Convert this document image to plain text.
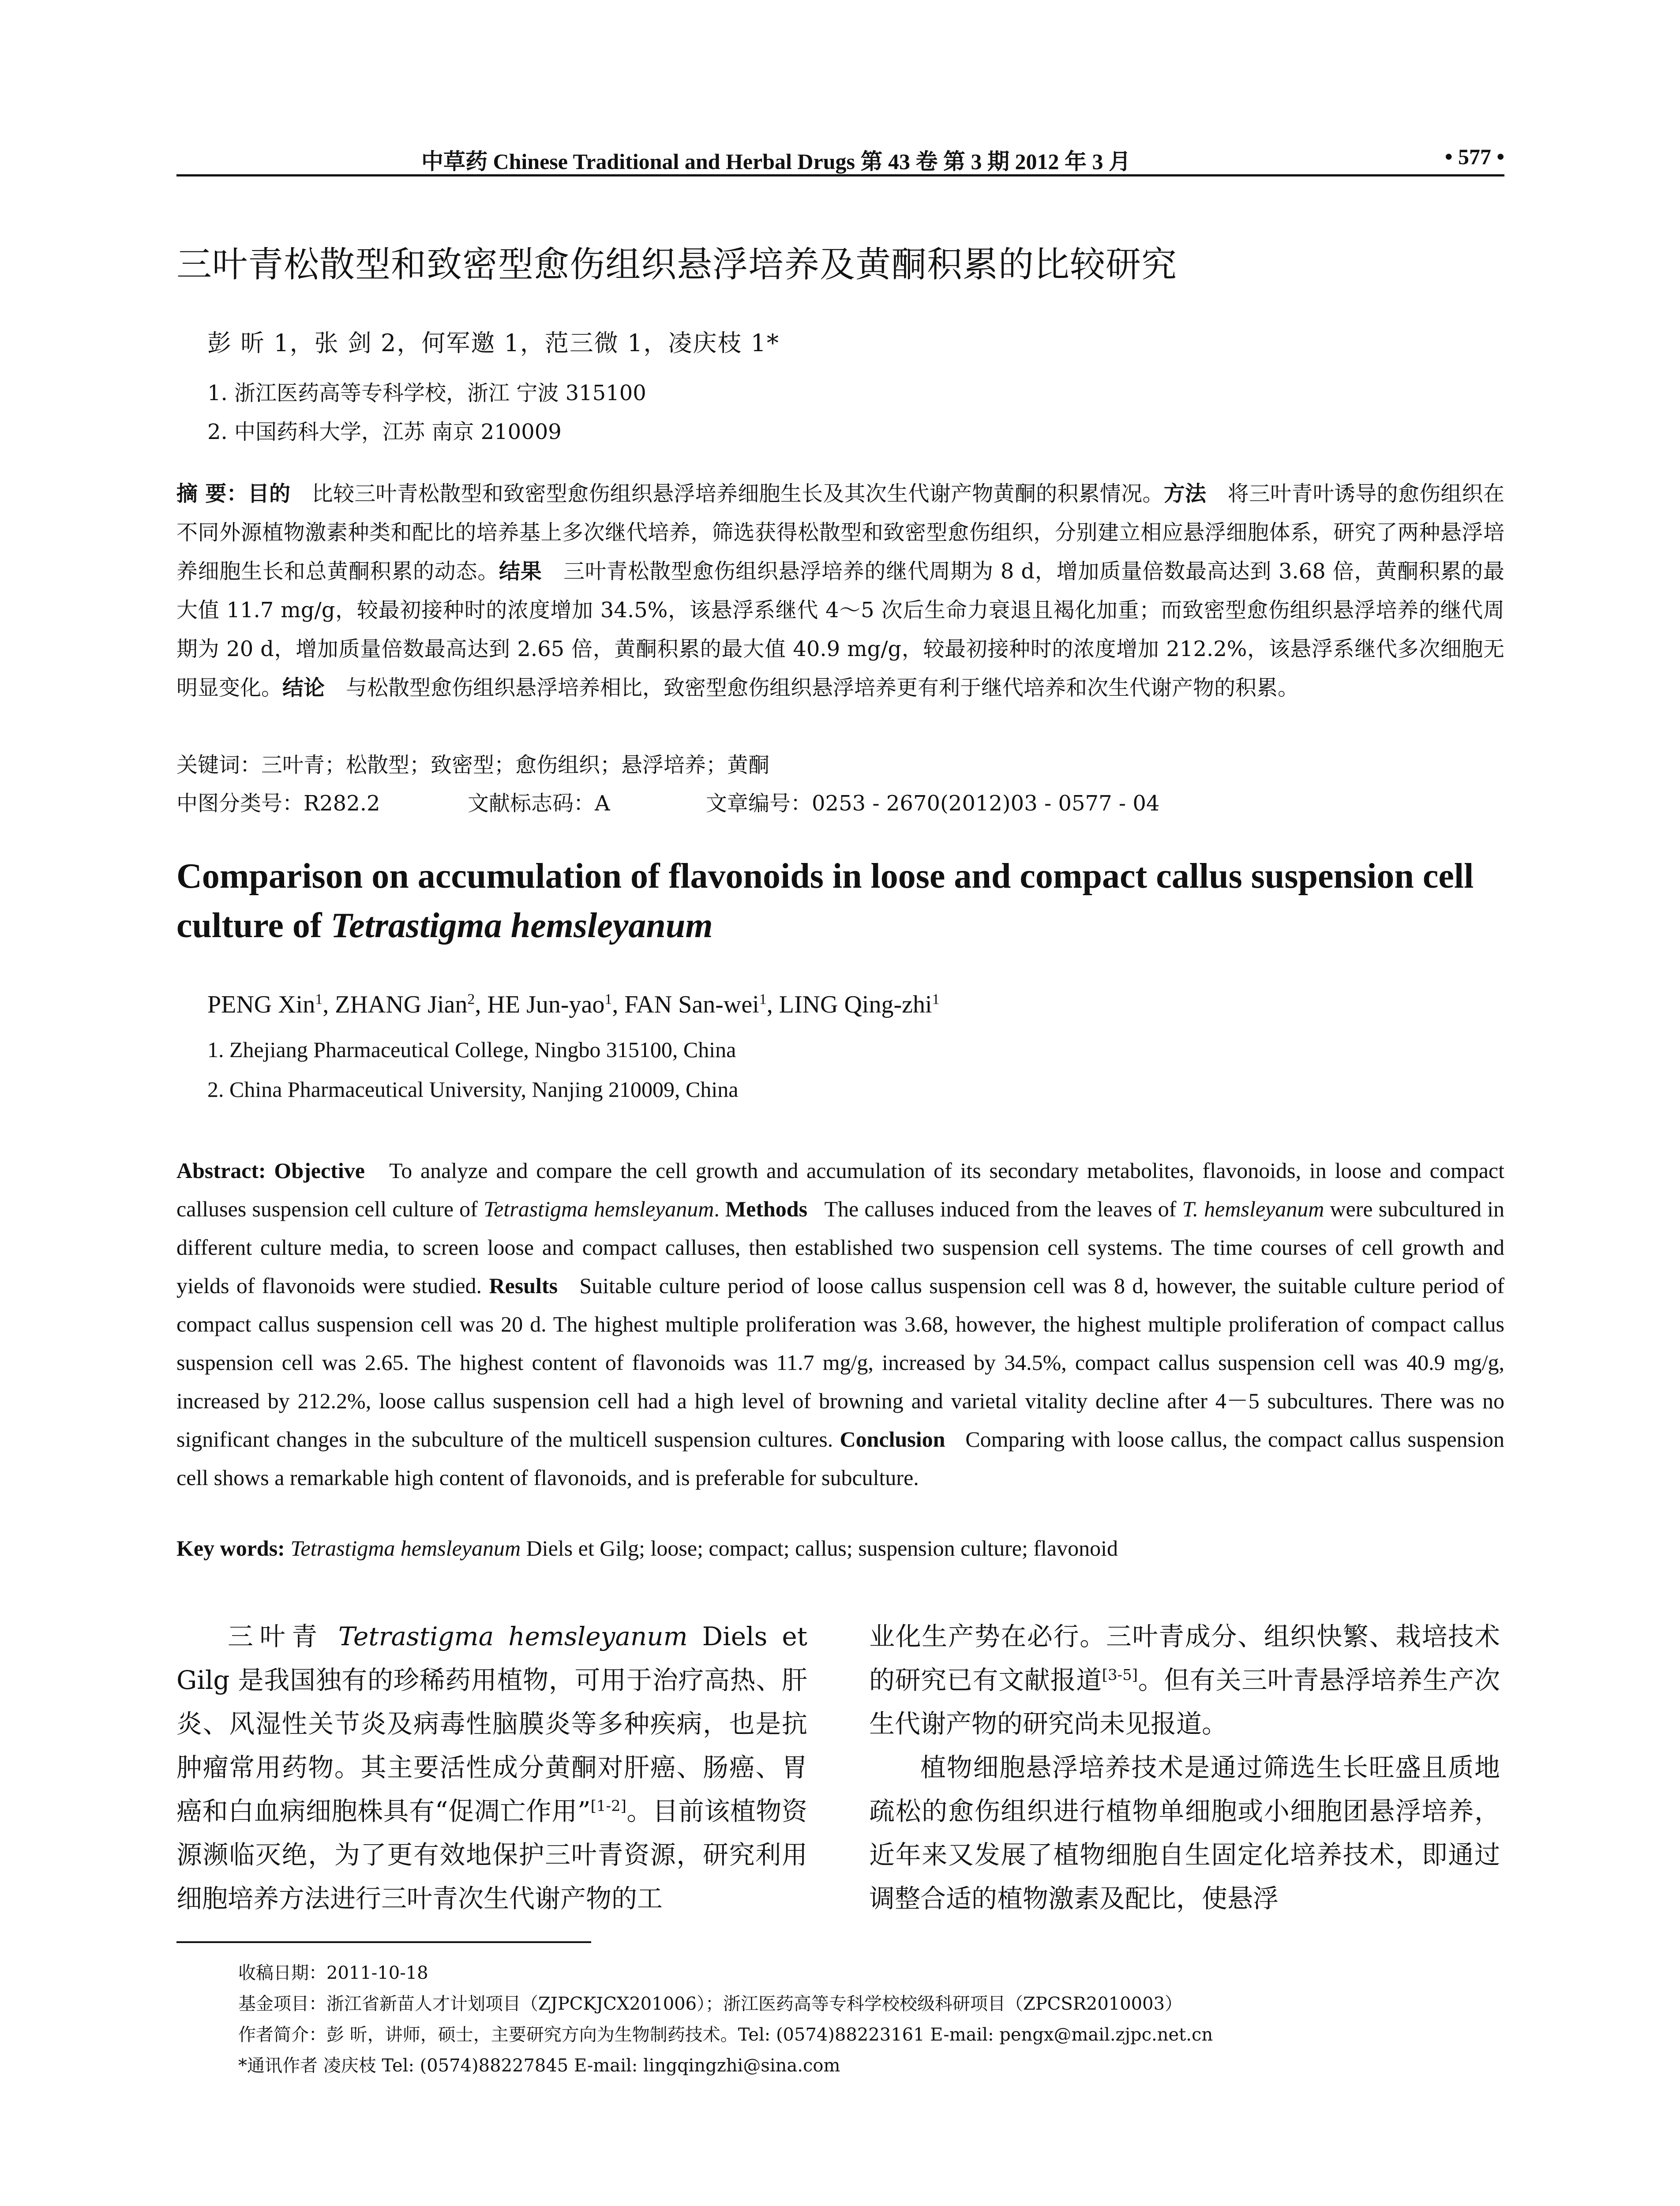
中草药 Chinese Traditional and Herbal Drugs 第 43 卷 第 3 期 2012 年 3 月	• 577 •
三叶青松散型和致密型愈伤组织悬浮培养及黄酮积累的比较研究
彭 昕 1，张 剑 2，何军邀 1，范三微 1，凌庆枝 1*
1. 浙江医药高等专科学校，浙江 宁波 315100
2. 中国药科大学，江苏 南京 210009
摘 要：目的　 比较三叶青松散型和致密型愈伤组织悬浮培养细胞生长及其次生代谢产物黄酮的积累情况。方法　 将三叶青叶诱导的愈伤组织在不同外源植物激素种类和配比的培养基上多次继代培养，筛选获得松散型和致密型愈伤组织，分别建立相应悬浮细胞体系，研究了两种悬浮培养细胞生长和总黄酮积累的动态。结果　 三叶青松散型愈伤组织悬浮培养的继代周期为 8 d，增加质量倍数最高达到 3.68 倍，黄酮积累的最大值 11.7 mg/g，较最初接种时的浓度增加 34.5%，该悬浮系继代 4～5 次后生命力衰退且褐化加重；而致密型愈伤组织悬浮培养的继代周期为 20 d，增加质量倍数最高达到 2.65 倍，黄酮积累的最大值 40.9 mg/g，较最初接种时的浓度增加 212.2%，该悬浮系继代多次细胞无明显变化。结论　 与松散型愈伤组织悬浮培养相比，致密型愈伤组织悬浮培养更有利于继代培养和次生代谢产物的积累。
关键词：三叶青；松散型；致密型；愈伤组织；悬浮培养；黄酮
中图分类号：R282.2	文献标志码：A	文章编号：0253 - 2670(2012)03 - 0577 - 04
Comparison on accumulation of flavonoids in loose and compact callus suspension cell culture of Tetrastigma hemsleyanum
PENG Xin$^1$, ZHANG Jian$^2$, HE Jun-yao$^1$, FAN San-wei$^1$, LING Qing-zhi$^1$
1. Zhejiang Pharmaceutical College, Ningbo 315100, China
2. China Pharmaceutical University, Nanjing 210009, China
Abstract: Objective To analyze and compare the cell growth and accumulation of its secondary metabolites, flavonoids, in loose and compact calluses suspension cell culture of Tetrastigma hemsleyanum. Methods The calluses induced from the leaves of T. hemsleyanum were subcultured in different culture media, to screen loose and compact calluses, then established two suspension cell systems. The time courses of cell growth and yields of flavonoids were studied. Results Suitable culture period of loose callus suspension cell was 8 d, however, the suitable culture period of compact callus suspension cell was 20 d. The highest multiple proliferation was 3.68, however, the highest multiple proliferation of compact callus suspension cell was 2.65. The highest content of flavonoids was 11.7 mg/g, increased by 34.5%, compact callus suspension cell was 40.9 mg/g, increased by 212.2%, loose callus suspension cell had a high level of browning and varietal vitality decline after 4－5 subcultures. There was no significant changes in the subculture of the multicell suspension cultures. Conclusion Comparing with loose callus, the compact callus suspension cell shows a remarkable high content of flavonoids, and is preferable for subculture.
Key words: Tetrastigma hemsleyanum Diels et Gilg; loose; compact; callus; suspension culture; flavonoid
三叶青 Tetrastigma hemsleyanum Diels et Gilg 是我国独有的珍稀药用植物，可用于治疗高热、肝炎、风湿性关节炎及病毒性脑膜炎等多种疾病，也是抗肿瘤常用药物。其主要活性成分黄酮对肝癌、肠癌、胃癌和白血病细胞株具有“促凋亡作用”[1-2]。目前该植物资源濒临灭绝，为了更有效地保护三叶青资源，研究利用细胞培养方法进行三叶青次生代谢产物的工
业化生产势在必行。三叶青成分、组织快繁、栽培技术的研究已有文献报道[3-5]。但有关三叶青悬浮培养生产次生代谢产物的研究尚未见报道。
植物细胞悬浮培养技术是通过筛选生长旺盛且质地疏松的愈伤组织进行植物单细胞或小细胞团悬浮培养，近年来又发展了植物细胞自生固定化培养技术，即通过调整合适的植物激素及配比，使悬浮
收稿日期：2011-10-18
基金项目：浙江省新苗人才计划项目（ZJPCKJCX201006）；浙江医药高等专科学校校级科研项目（ZPCSR2010003）
作者简介：彭 昕，讲师，硕士，主要研究方向为生物制药技术。Tel: (0574)88223161 E-mail: pengx@mail.zjpc.net.cn
*通讯作者 凌庆枝 Tel: (0574)88227845 E-mail: lingqingzhi@sina.com
